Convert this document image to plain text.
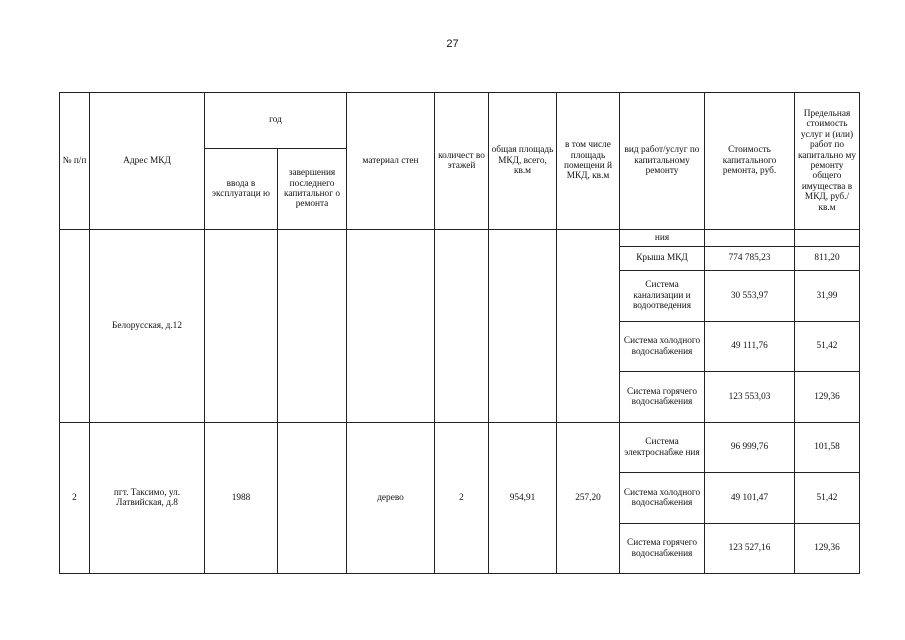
27
№ п/п	Адрес МКД	год		материал стен	количест во этажей	общая площадь МКД, всего, кв.м	в том числе площадь помещени й МКД, кв.м	вид работ/услуг по капитальному ремонту	Стоимость капитального ремонта, руб.	Предельная стоимость услуг и (или) работ по капитально му ремонту общего имущества в МКД, руб./кв.м
		ввода в эксплуатаци ю	завершения последнего капитальног о ремонта							
	Белорусская, д.12							ния		
								Крыша МКД	774 785,23	811,20
								Система канализации и водоотведения	30 553,97	31,99
								Система холодного водоснабжения	49 111,76	51,42
								Система горячего водоснабжения	123 553,03	129,36
2	пгт. Таксимо, ул. Латвийская, д.8	1988		дерево	2	954,91	257,20	Система электроснабже ния	96 999,76	101,58
								Система холодного водоснабжения	49 101,47	51,42
								Система горячего водоснабжения	123 527,16	129,36
